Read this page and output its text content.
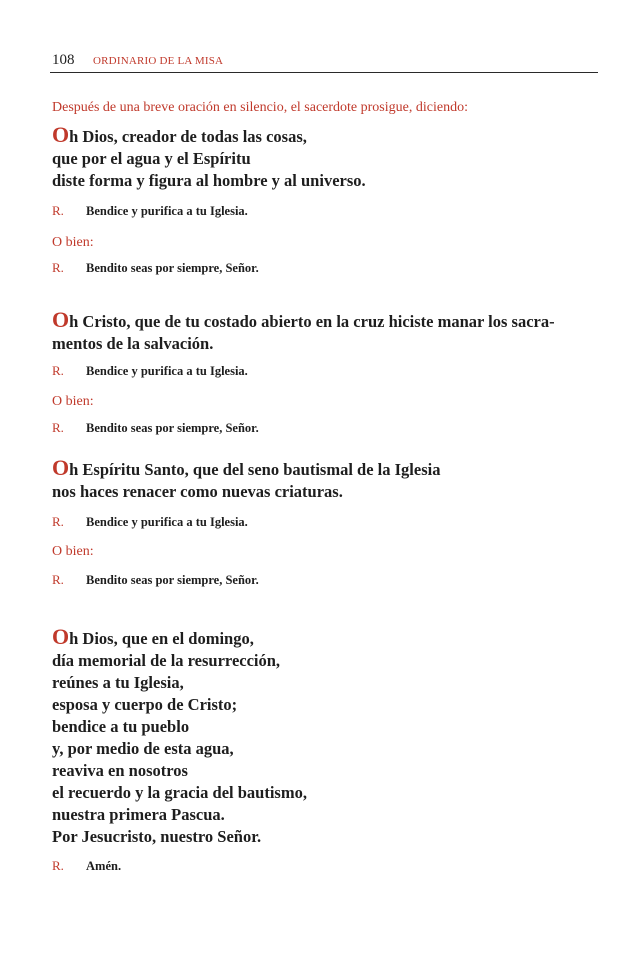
108 ORDINARIO DE LA MISA
Después de una breve oración en silencio, el sacerdote prosigue, diciendo:
Oh Dios, creador de todas las cosas,
que por el agua y el Espíritu
diste forma y figura al hombre y al universo.
R. Bendice y purifica a tu Iglesia.
O bien:
R. Bendito seas por siempre, Señor.
Oh Cristo, que de tu costado abierto en la cruz hiciste manar los sacra-
mentos de la salvación.
R. Bendice y purifica a tu Iglesia.
O bien:
R. Bendito seas por siempre, Señor.
Oh Espíritu Santo, que del seno bautismal de la Iglesia
nos haces renacer como nuevas criaturas.
R. Bendice y purifica a tu Iglesia.
O bien:
R. Bendito seas por siempre, Señor.
Oh Dios, que en el domingo,
día memorial de la resurrección,
reúnes a tu Iglesia,
esposa y cuerpo de Cristo;
bendice a tu pueblo
y, por medio de esta agua,
reaviva en nosotros
el recuerdo y la gracia del bautismo,
nuestra primera Pascua.
Por Jesucristo, nuestro Señor.
R. Amén.
